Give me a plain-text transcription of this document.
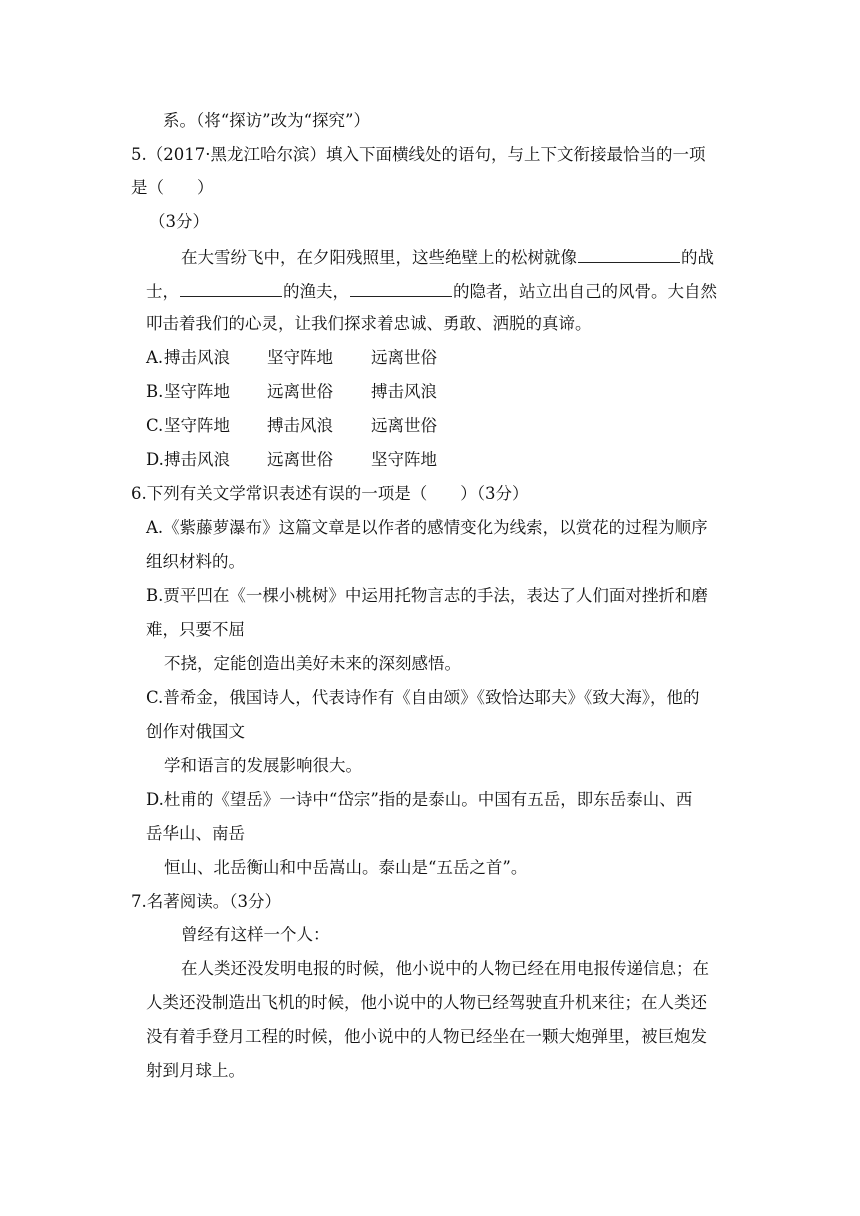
系。（将“探访”改为“探究”）
5.（2017·黑龙江哈尔滨）填入下面横线处的语句，与上下文衔接最恰当的一项
是（　　）
（3分）
在大雪纷飞中，在夕阳残照里，这些绝壁上的松树就像	的战
士，	的渔夫，	的隐者，站立出自己的风骨。大自然
叩击着我们的心灵，让我们探求着忠诚、勇敢、洒脱的真谛。
A. 搏击风浪 坚守阵地 远离世俗
B. 坚守阵地 远离世俗 搏击风浪
C. 坚守阵地 搏击风浪 远离世俗
D. 搏击风浪 远离世俗 坚守阵地
6.下列有关文学常识表述有误的一项是（　　）（3分）
A.《紫藤萝瀑布》这篇文章是以作者的感情变化为线索，以赏花的过程为顺序
组织材料的。
B.贾平凹在《一棵小桃树》中运用托物言志的手法，表达了人们面对挫折和磨
难，只要不屈
不挠，定能创造出美好未来的深刻感悟。
C.普希金，俄国诗人，代表诗作有《自由颂》《致恰达耶夫》《致大海》，他的
创作对俄国文
学和语言的发展影响很大。
D.杜甫的《望岳》一诗中“岱宗”指的是泰山。中国有五岳，即东岳泰山、西
岳华山、南岳
恒山、北岳衡山和中岳嵩山。泰山是“五岳之首”。
7.名著阅读。（3分）
曾经有这样一个人：
在人类还没发明电报的时候，他小说中的人物已经在用电报传递信息；在
人类还没制造出飞机的时候，他小说中的人物已经驾驶直升机来往；在人类还
没有着手登月工程的时候，他小说中的人物已经坐在一颗大炮弹里，被巨炮发
射到月球上。
